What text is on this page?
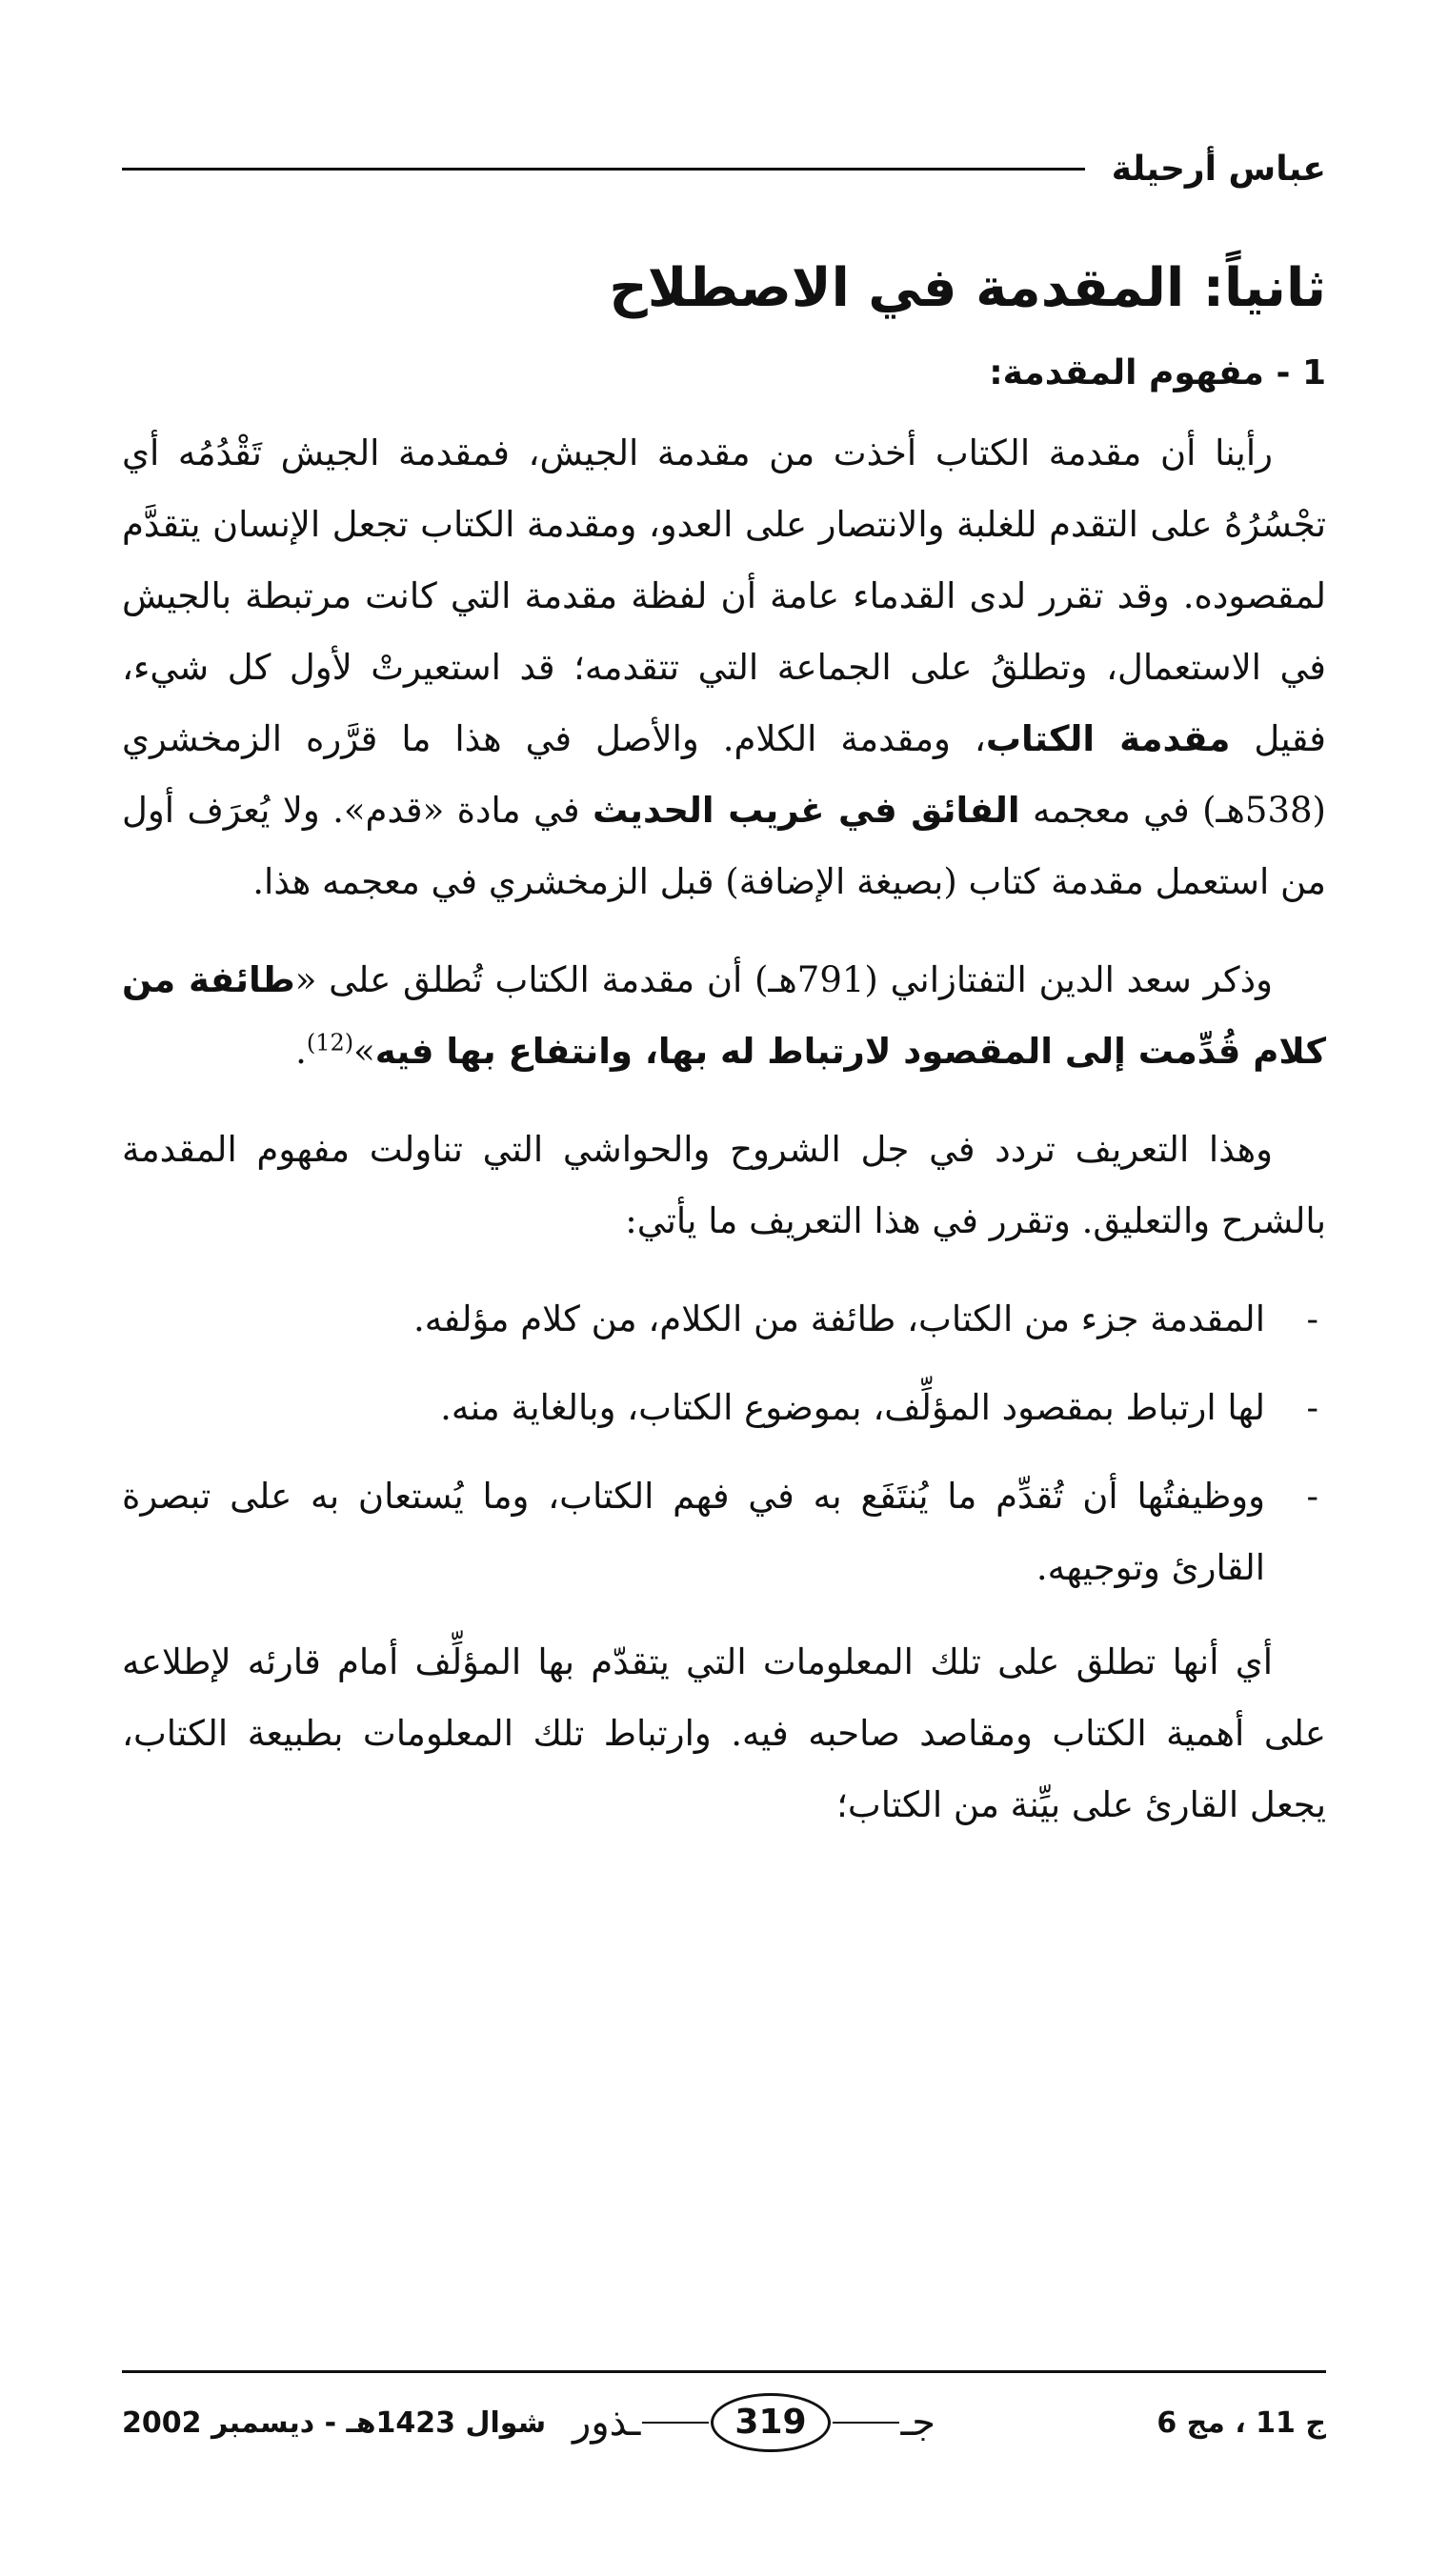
عباس أرحيلة
ثانياً: المقدمة في الاصطلاح
1 - مفهوم المقدمة:

رأينا أن مقدمة الكتاب أخذت من مقدمة الجيش، فمقدمة الجيش تَقْدُمُه أي تجْسُرُهُ على التقدم للغلبة والانتصار على العدو، ومقدمة الكتاب تجعل الإنسان يتقدَّم لمقصوده. وقد تقرر لدى القدماء عامة أن لفظة مقدمة التي كانت مرتبطة بالجيش في الاستعمال، وتطلقُ على الجماعة التي تتقدمه؛ قد استعيرتْ لأول كل شيء، فقيل مقدمة الكتاب، ومقدمة الكلام. والأصل في هذا ما قرَّره الزمخشري (538هـ) في معجمه الفائق في غريب الحديث في مادة «قدم». ولا يُعرَف أول من استعمل مقدمة كتاب (بصيغة الإضافة) قبل الزمخشري في معجمه هذا.

وذكر سعد الدين التفتازاني (791هـ) أن مقدمة الكتاب تُطلق على «طائفة من كلام قُدِّمت إلى المقصود لارتباط له بها، وانتفاع بها فيه»$^{(12)}$.

وهذا التعريف تردد في جل الشروح والحواشي التي تناولت مفهوم المقدمة بالشرح والتعليق. وتقرر في هذا التعريف ما يأتي:

-
المقدمة جزء من الكتاب، طائفة من الكلام، من كلام مؤلفه.
-
لها ارتباط بمقصود المؤلِّف، بموضوع الكتاب، وبالغاية منه.
-
ووظيفتُها أن تُقدِّم ما يُنتَفَع به في فهم الكتاب، وما يُستعان به على تبصرة القارئ وتوجيهه.

أي أنها تطلق على تلك المعلومات التي يتقدّم بها المؤلِّف أمام قارئه لإطلاعه على أهمية الكتاب ومقاصد صاحبه فيه. وارتباط تلك المعلومات بطبيعة الكتاب، يجعل القارئ على بيِّنة من الكتاب؛

ج 11 ، مج 6
جـ
319
ـذور
شوال 1423هـ - ديسمبر 2002
